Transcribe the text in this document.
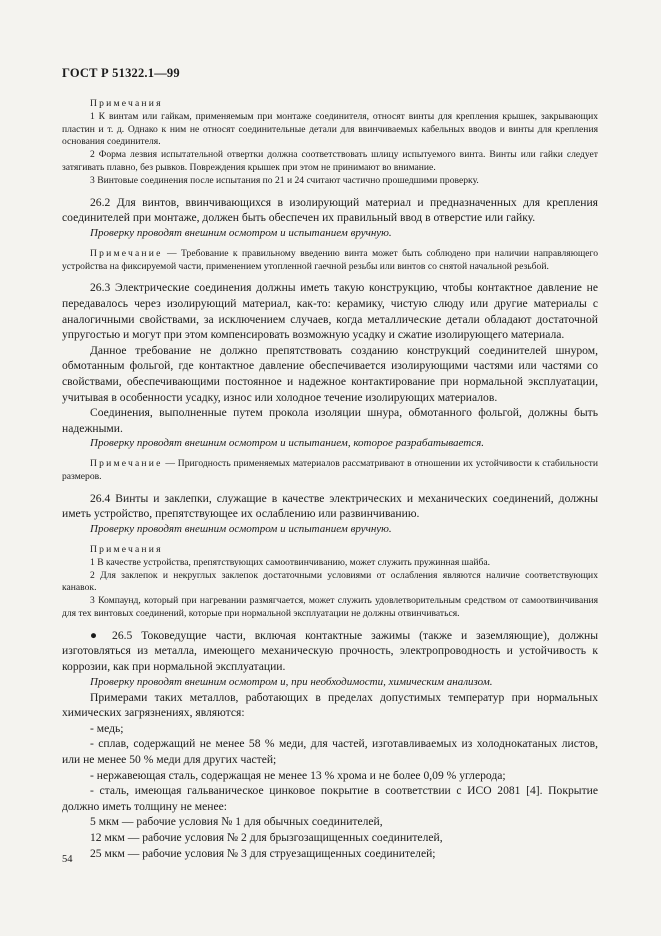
ГОСТ Р 51322.1—99

Примечания

1 К винтам или гайкам, применяемым при монтаже соединителя, относят винты для крепления крышек, закрывающих пластин и т. д. Однако к ним не относят соединительные детали для ввинчиваемых кабельных вводов и винты для крепления основания соединителя.

2 Форма лезвия испытательной отвертки должна соответствовать шлицу испытуемого винта. Винты или гайки следует затягивать плавно, без рывков. Повреждения крышек при этом не принимают во внимание.

3 Винтовые соединения после испытания по 21 и 24 считают частично прошедшими проверку.

26.2 Для винтов, ввинчивающихся в изолирующий материал и предназначенных для крепления соединителей при монтаже, должен быть обеспечен их правильный ввод в отверстие или гайку.

Проверку проводят внешним осмотром и испытанием вручную.

Примечание — Требование к правильному введению винта может быть соблюдено при наличии направляющего устройства на фиксируемой части, применением утопленной гаечной резьбы или винтов со снятой начальной резьбой.

26.3 Электрические соединения должны иметь такую конструкцию, чтобы контактное давление не передавалось через изолирующий материал, как-то: керамику, чистую слюду или другие материалы с аналогичными свойствами, за исключением случаев, когда металлические детали обладают достаточной упругостью и могут при этом компенсировать возможную усадку и сжатие изолирующего материала.

Данное требование не должно препятствовать созданию конструкций соединителей шнуром, обмотанным фольгой, где контактное давление обеспечивается изолирующими частями или частями со свойствами, обеспечивающими постоянное и надежное контактирование при нормальной эксплуатации, учитывая в особенности усадку, износ или холодное течение изолирующих материалов.

Соединения, выполненные путем прокола изоляции шнура, обмотанного фольгой, должны быть надежными.

Проверку проводят внешним осмотром и испытанием, которое разрабатывается.

Примечание — Пригодность применяемых материалов рассматривают в отношении их устойчивости к стабильности размеров.

26.4 Винты и заклепки, служащие в качестве электрических и механических соединений, должны иметь устройство, препятствующее их ослаблению или развинчиванию.

Проверку проводят внешним осмотром и испытанием вручную.

Примечания

1 В качестве устройства, препятствующих самоотвинчиванию, может служить пружинная шайба.

2 Для заклепок и некруглых заклепок достаточными условиями от ослабления являются наличие соответствующих канавок.

3 Компаунд, который при нагревании размягчается, может служить удовлетворительным средством от самоотвинчивания для тех винтовых соединений, которые при нормальной эксплуатации не должны отвинчиваться.

● 26.5 Токоведущие части, включая контактные зажимы (также и заземляющие), должны изготовляться из металла, имеющего механическую прочность, электропроводность и устойчивость к коррозии, как при нормальной эксплуатации.

Проверку проводят внешним осмотром и, при необходимости, химическим анализом.

Примерами таких металлов, работающих в пределах допустимых температур при нормальных химических загрязнениях, являются:

- медь;

- сплав, содержащий не менее 58 % меди, для частей, изготавливаемых из холоднокатаных листов, или не менее 50 % меди для других частей;

- нержавеющая сталь, содержащая не менее 13 % хрома и не более 0,09 % углерода;

- сталь, имеющая гальваническое цинковое покрытие в соответствии с ИСО 2081 [4]. Покрытие должно иметь толщину не менее:

5 мкм — рабочие условия № 1 для обычных соединителей,

12 мкм — рабочие условия № 2 для брызгозащищенных соединителей,

25 мкм — рабочие условия № 3 для струезащищенных соединителей;

54
